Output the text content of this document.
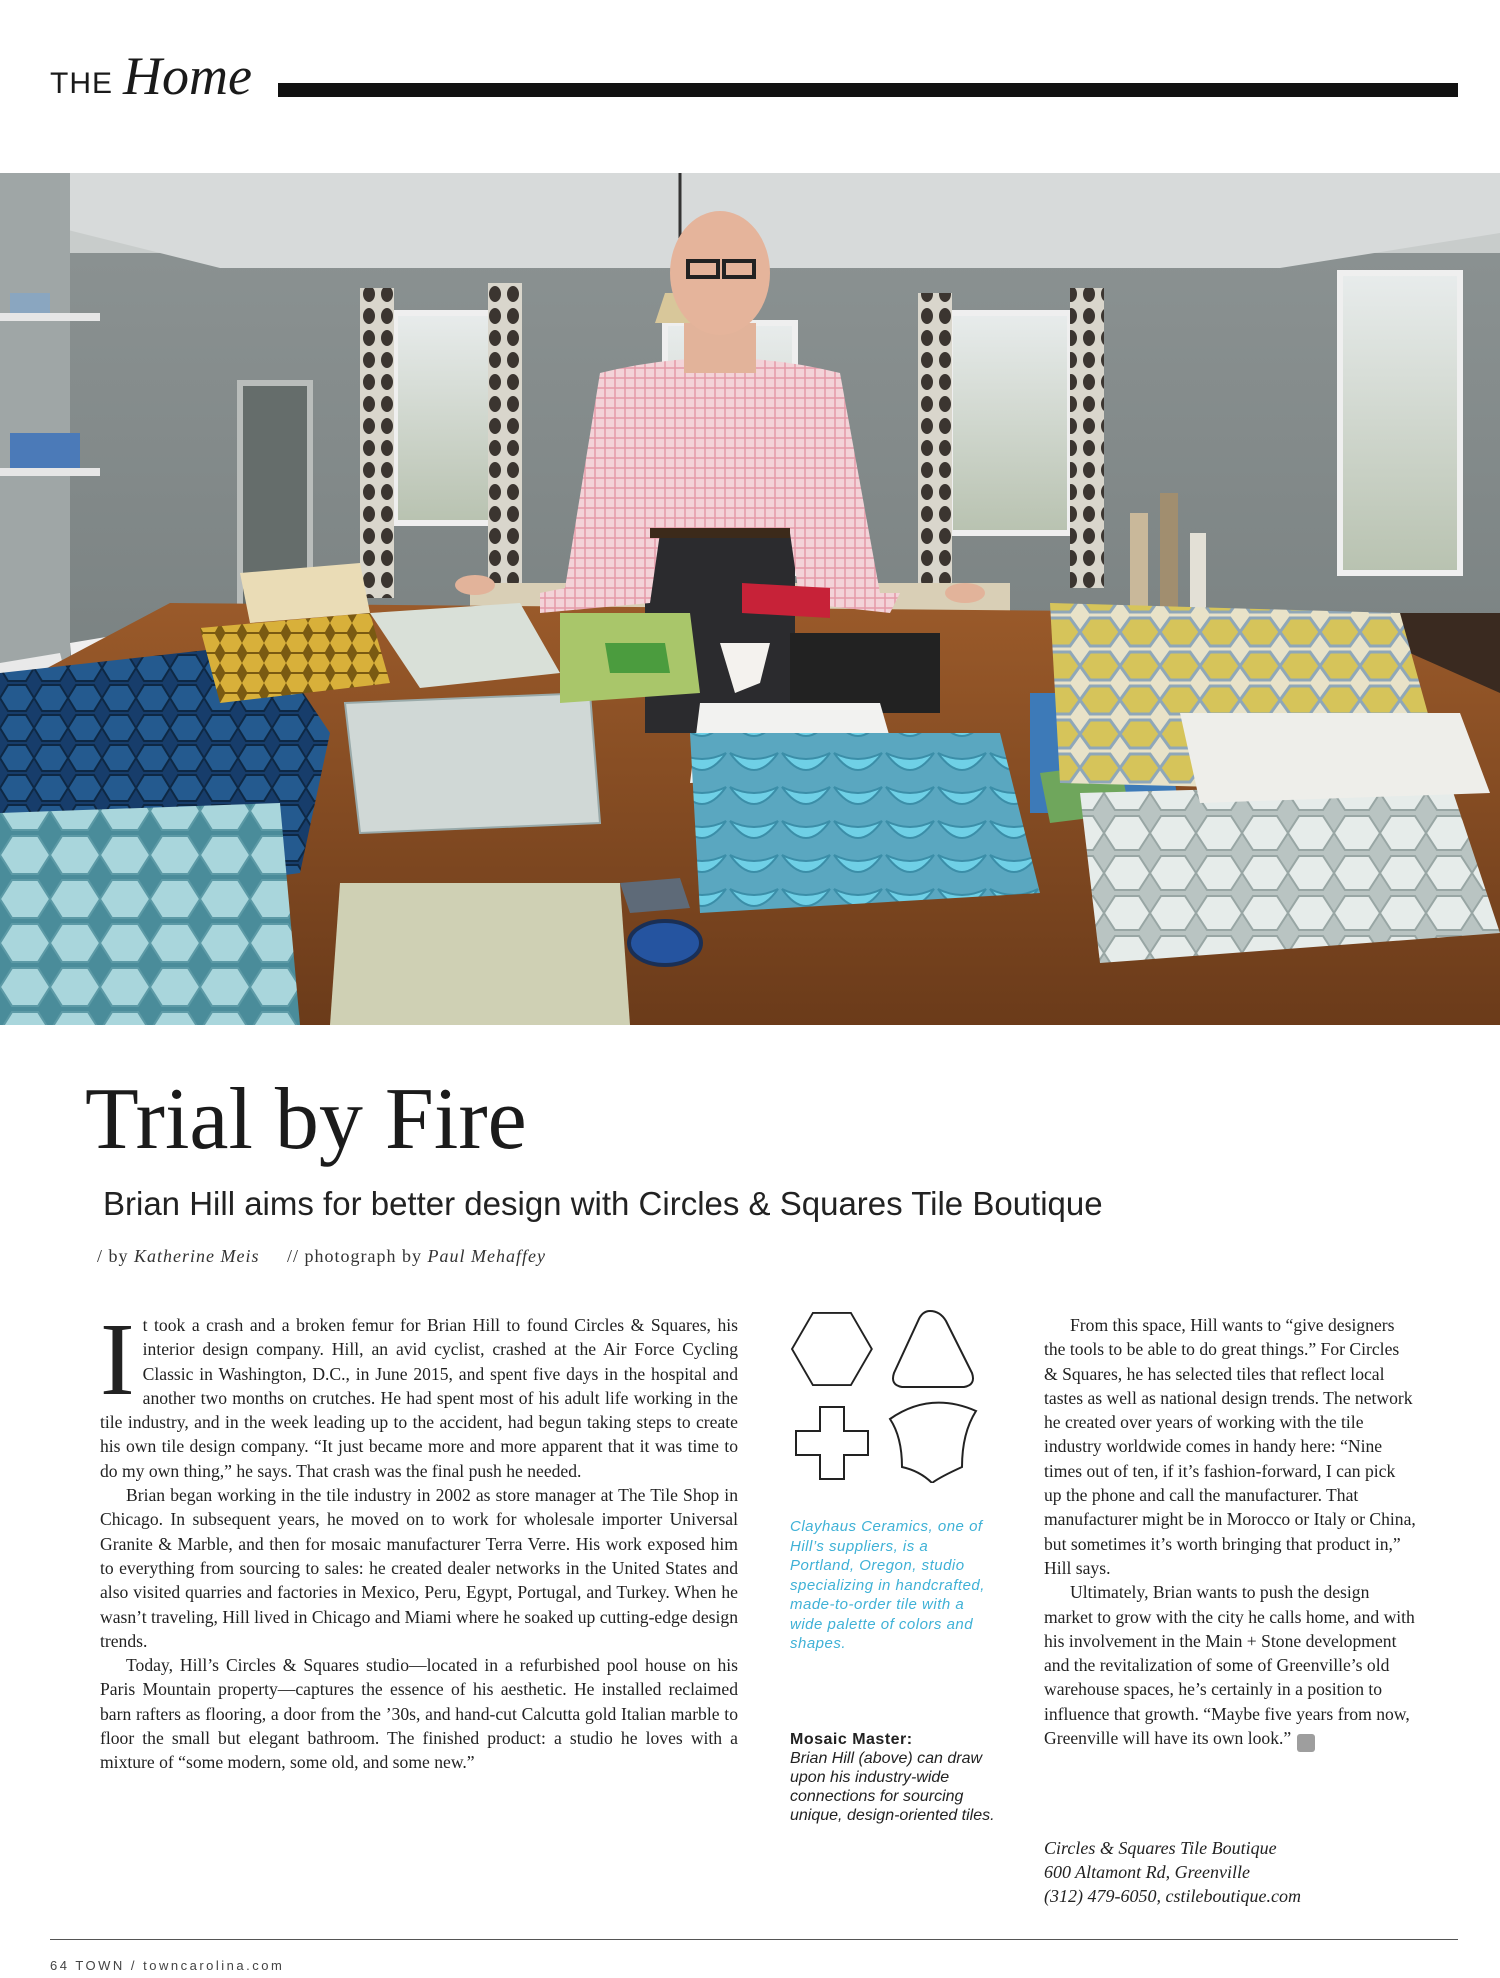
THE Home
Trial by Fire
Brian Hill aims for better design with Circles & Squares Tile Boutique
/ by Katherine Meis // photograph by Paul Mehaffey

It took a crash and a broken femur for Brian Hill to found Circles & Squares, his interior design company. Hill, an avid cyclist, crashed at the Air Force Cycling Classic in Washington, D.C., in June 2015, and spent five days in the hospital and another two months on crutches. He had spent most of his adult life working in the tile industry, and in the week leading up to the accident, had begun taking steps to create his own tile design company. “It just became more and more apparent that it was time to do my own thing,” he says. That crash was the final push he needed.

Brian began working in the tile industry in 2002 as store manager at The Tile Shop in Chicago. In subsequent years, he moved on to work for wholesale importer Universal Granite & Marble, and then for mosaic manufacturer Terra Verre. His work exposed him to everything from sourcing to sales: he created dealer networks in the United States and also visited quarries and factories in Mexico, Peru, Egypt, Portugal, and Turkey. When he wasn’t traveling, Hill lived in Chicago and Miami where he soaked up cutting-edge design trends.

Today, Hill’s Circles & Squares studio—located in a refurbished pool house on his Paris Mountain property—captures the essence of his aesthetic. He installed reclaimed barn rafters as flooring, a door from the ’30s, and hand-cut Calcutta gold Italian marble to floor the small but elegant bathroom. The finished product: a studio he loves with a mixture of “some modern, some old, and some new.”

Clayhaus Ceramics, one of Hill’s suppliers, is a Portland, Oregon, studio specializing in handcrafted, made-to-order tile with a wide palette of colors and shapes.
Mosaic Master:
Brian Hill (above) can draw upon his industry-wide connections for sourcing unique, design-oriented tiles.

From this space, Hill wants to “give designers the tools to be able to do great things.” For Circles & Squares, he has selected tiles that reflect local tastes as well as national design trends. The network he created over years of working with the tile industry worldwide comes in handy here: “Nine times out of ten, if it’s fashion-forward, I can pick up the phone and call the manufacturer. That manufacturer might be in Morocco or Italy or China, but sometimes it’s worth bringing that product in,” Hill says.

Ultimately, Brian wants to push the design market to grow with the city he calls home, and with his involvement in the Main + Stone development and the revitalization of some of Greenville’s old warehouse spaces, he’s certainly in a position to influence that growth. “Maybe five years from now, Greenville will have its own look.” T

Circles & Squares Tile Boutique
600 Altamont Rd, Greenville
(312) 479-6050, cstileboutique.com
64 TOWN / towncarolina.com
